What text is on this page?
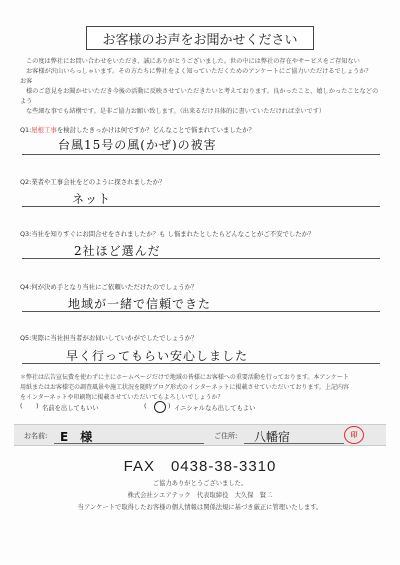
お客様のお声をお聞かせください
この度は弊社にお問い合わせをいただき、誠にありがとうございました。世の中には弊社の存在やサービスをご存知ない
お客様が沢山いらっしゃいます。その方たちに弊社をよく知っていただくためのアンケートにご協力いただけるでしょうか？　お客
様のご意見をお聞かせいただき今後の活動に反映させていただきたいと考えております。良かったこと、嬉しかったことなどのよう
な些細な事でも結構です。是非ご協力お願い致します。（出来るだけ具体的に書いていただければ幸いです）
Q1:屋根工事を検討したきっかけは何ですか？どんなことで悩まれていましたか？
台風15号の風(かぜ)の被害
Q2:業者や工事会社をどのように探されましたか？
ネット
Q3:当社を知りすぐにお問合せをされましたか？も し悩まれたとしたらどんなことがご不安でしたか？
2社ほど選んだ
Q4:何が決め手となり当社にご依頼いただけたのでしょうか？
地域が一緒で信頼できた
Q5:実際に当社担当者がお伺いしていかがでしたでしょうか？
早く行ってもらい安心しました
＊弊社は広告宣伝費を使わずに主にホームページだけで地域の皆様にお客様への重要活動を行っております。本アンケート
用紙またはお客様宅の調査風景や施工状況を随時ブログ形式のインターネットに掲載させていただいております。上記内容
をインターネットや印刷物に掲載させていただいてもよろしいでしょうか？
( ) 名前を出してもいい	(	) イニシャルなら出してもよい
お名前: E　様	ご住所: 八幡宿	印
FAX　0438-38-3310
ご協力ありがとうございました。
株式会社シエアテック　代表取締役　大久保　賢二
当アンケートで取得したお客様の個人情報は関係法規に基づき厳正に管理いたします。
